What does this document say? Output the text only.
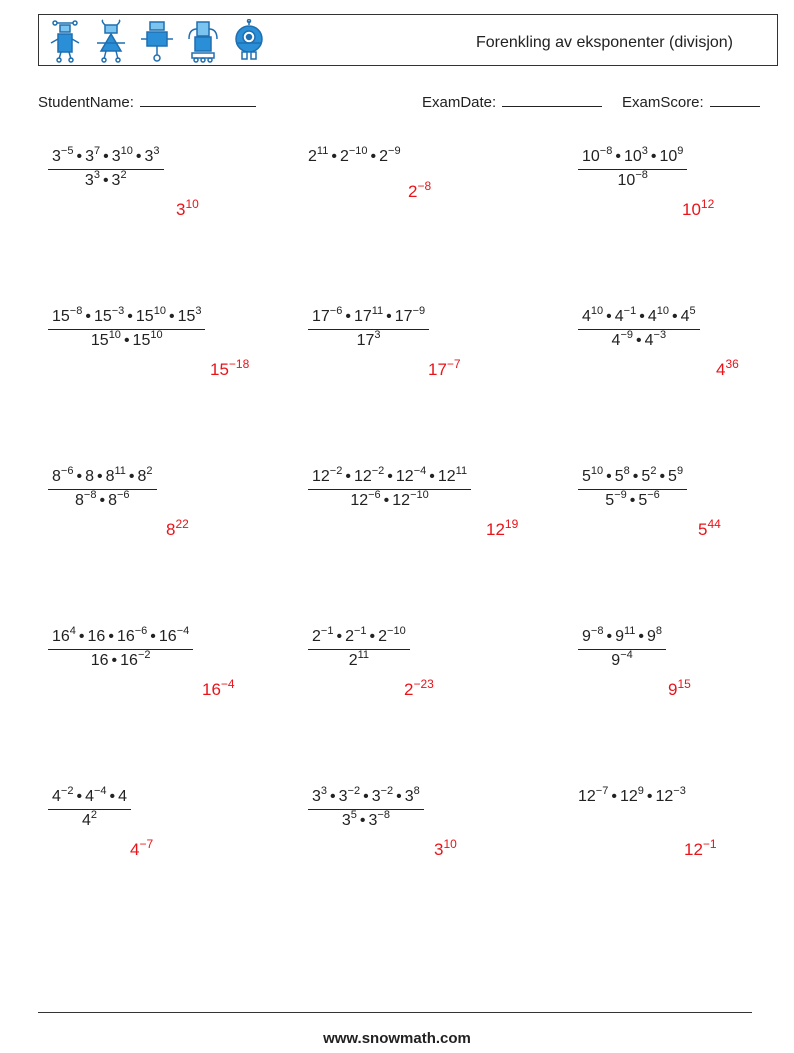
Forenkling av eksponenter (divisjon)
StudentName:	ExamDate:	ExamScore:
$\frac{3^{-5} • 3^7 • 3^{10} • 3^3}{3^3 • 3^2}$
$3^{10}$
$2^{11}$ • $2^{-10}$ • $2^{-9}$
$2^{-8}$	$\frac{10^{-8} • 10^3 • 10^9}{10^{-8}}$
$10^{12}$
$\frac{15^{-8} • 15^{-3} • 15^{10} • 15^3}{15^{10} • 15^{10}}$
$15^{-18}$
$\frac{17^{-6} • 17^{11} • 17^{-9}}{17^3}$
$17^{-7}$
$\frac{4^{10} • 4^{-1} • 4^{10} • 4^5}{4^{-9} • 4^{-3}}$
$4^{36}$
$\frac{8^{-6} • 8 • 8^{11} • 8^2}{8^{-8} • 8^{-6}}$
$8^{22}$
$\frac{12^{-2} • 12^{-2} • 12^{-4} • 12^{11}}{12^{-6} • 12^{-10}}$
$12^{19}$
$\frac{5^{10} • 5^8 • 5^2 • 5^9}{5^{-9} • 5^{-6}}$
$5^{44}$
$\frac{16^4 • 16 • 16^{-6} • 16^{-4}}{16 • 16^{-2}}$
$16^{-4}$
$\frac{2^{-1} • 2^{-1} • 2^{-10}}{2^{11}}$
$2^{-23}$
$\frac{9^{-8} • 9^{11} • 9^8}{9^{-4}}$
$9^{15}$
$\frac{4^{-2} • 4^{-4} • 4}{4^2}$
$4^{-7}$
$\frac{3^3 • 3^{-2} • 3^{-2} • 3^8}{3^5 • 3^{-8}}$
$3^{10}$
$12^{-7}$ • $12^9$ • $12^{-3}$
$12^{-1}$
www.snowmath.com
